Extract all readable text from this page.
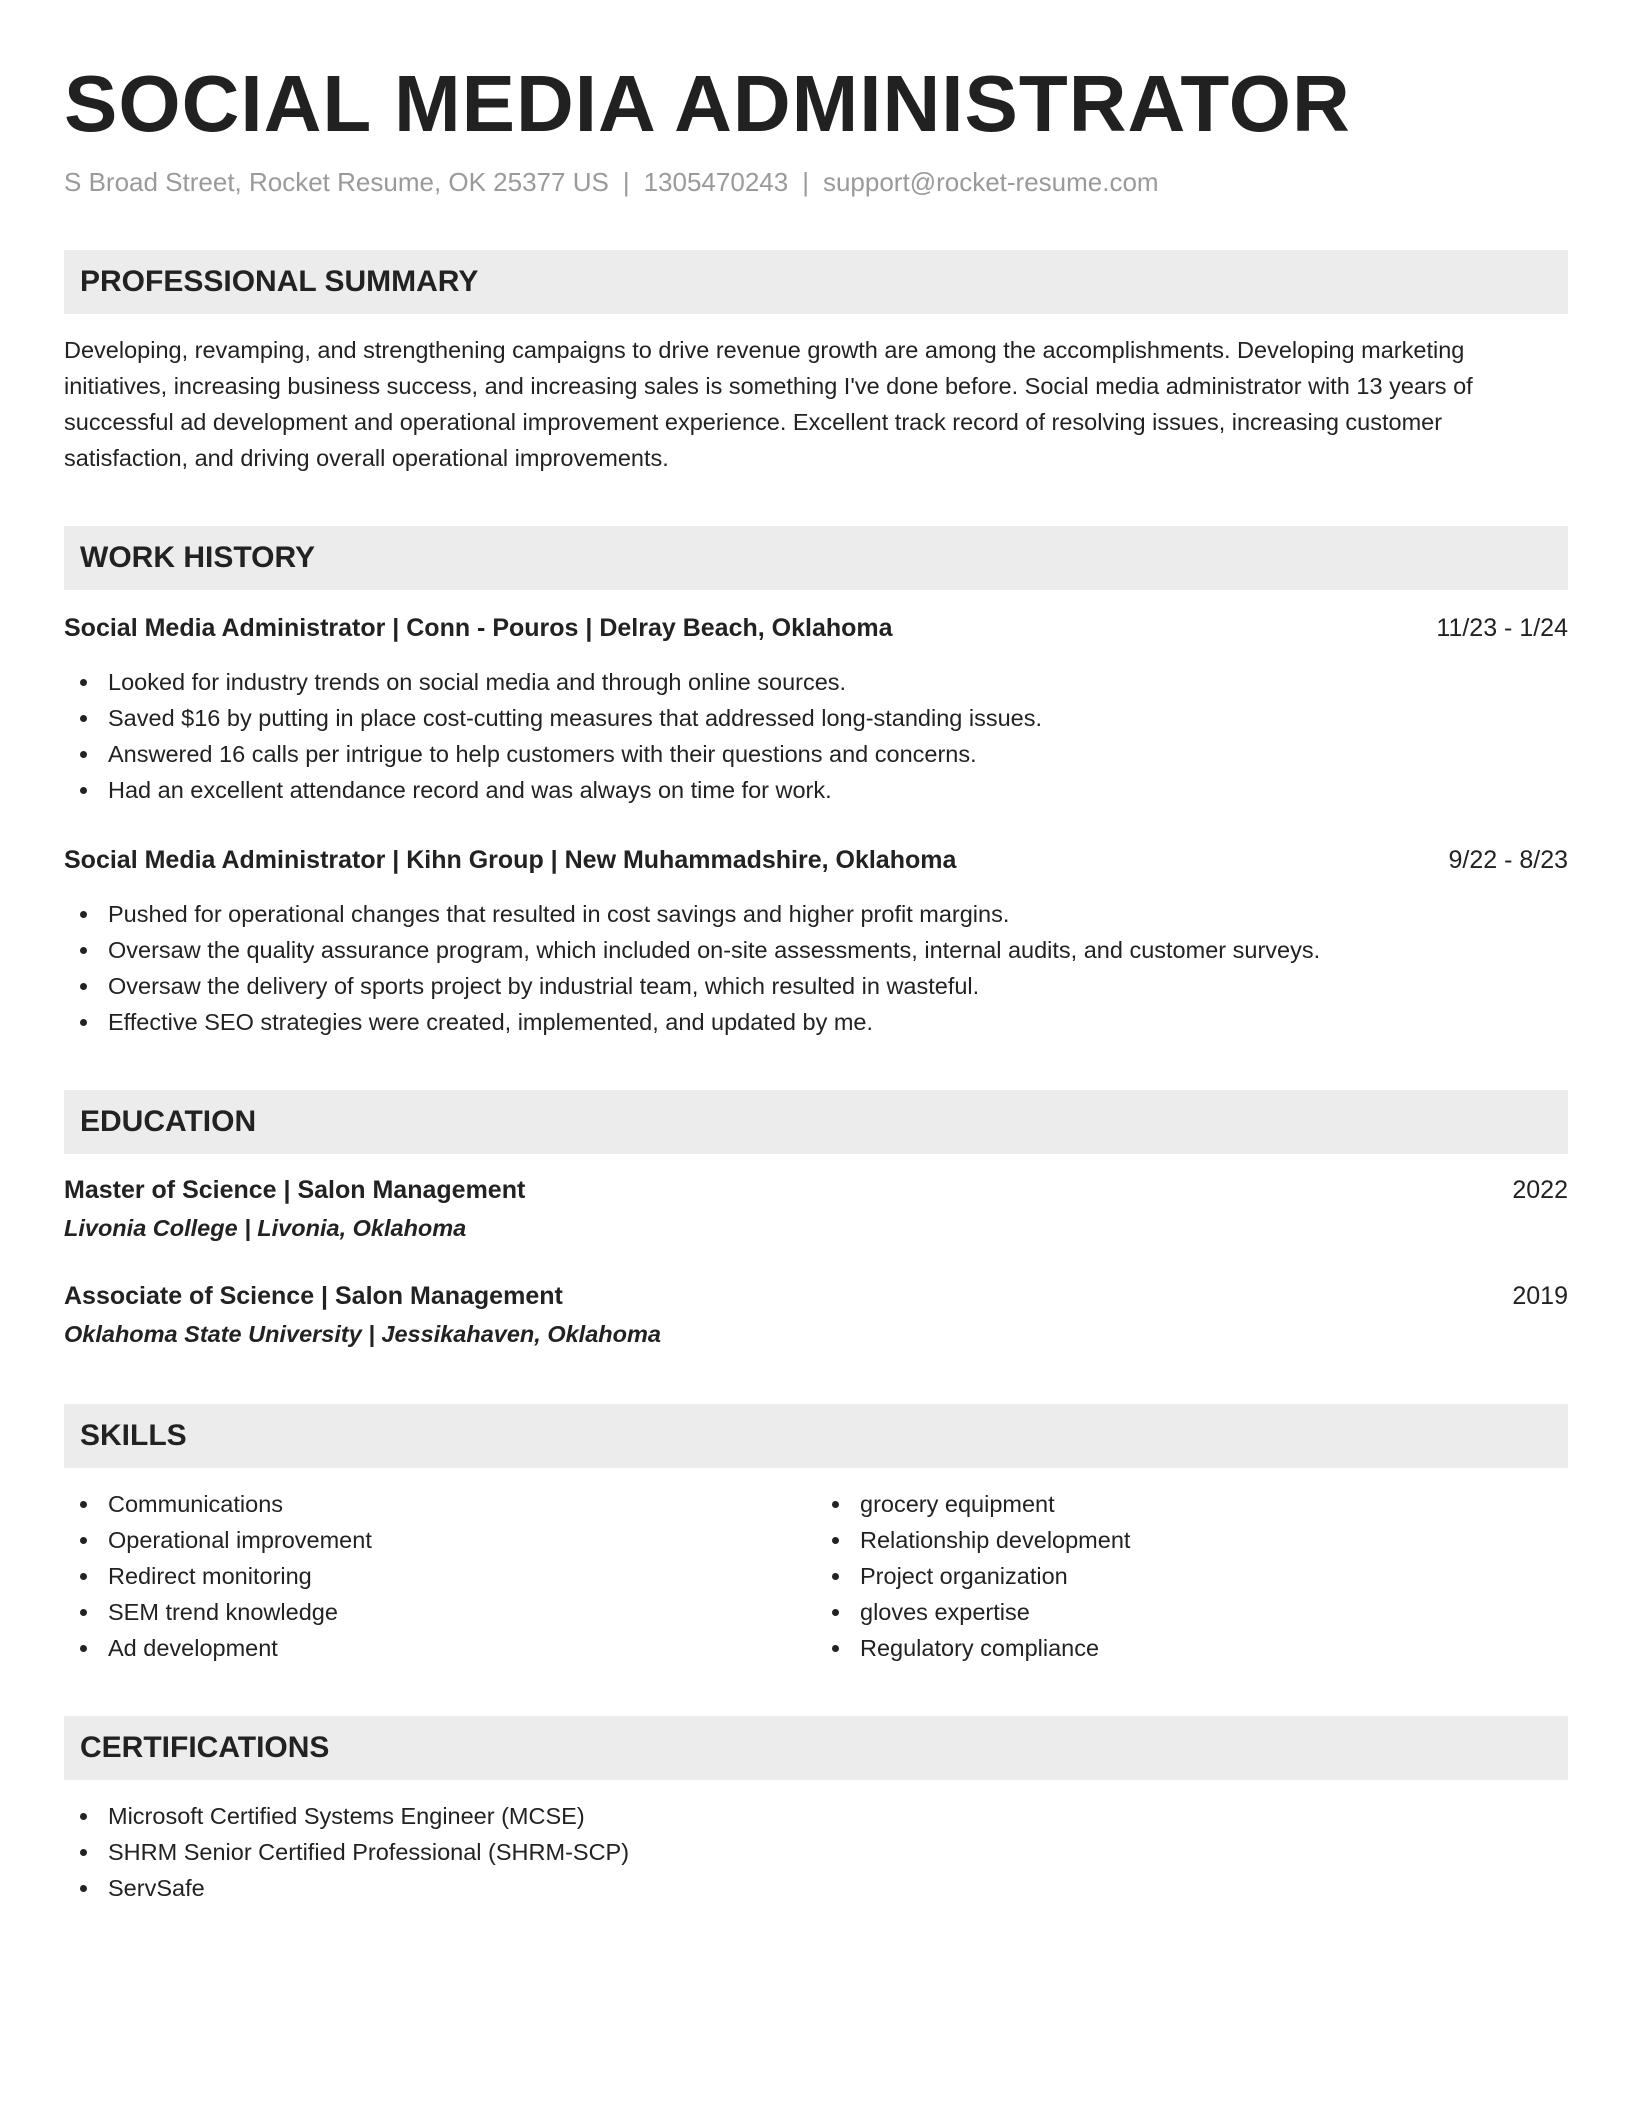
SOCIAL MEDIA ADMINISTRATOR
S Broad Street, Rocket Resume, OK 25377 US | 1305470243 | support@rocket-resume.com
PROFESSIONAL SUMMARY

Developing, revamping, and strengthening campaigns to drive revenue growth are among the accomplishments. Developing marketing initiatives, increasing business success, and increasing sales is something I've done before. Social media administrator with 13 years of successful ad development and operational improvement experience. Excellent track record of resolving issues, increasing customer satisfaction, and driving overall operational improvements.

WORK HISTORY
Social Media Administrator | Conn - Pouros | Delray Beach, Oklahoma	11/23 - 1/24
Looked for industry trends on social media and through online sources.
Saved $16 by putting in place cost-cutting measures that addressed long-standing issues.
Answered 16 calls per intrigue to help customers with their questions and concerns.
Had an excellent attendance record and was always on time for work.
Social Media Administrator | Kihn Group | New Muhammadshire, Oklahoma	9/22 - 8/23
Pushed for operational changes that resulted in cost savings and higher profit margins.
Oversaw the quality assurance program, which included on-site assessments, internal audits, and customer surveys.
Oversaw the delivery of sports project by industrial team, which resulted in wasteful.
Effective SEO strategies were created, implemented, and updated by me.
EDUCATION
Master of Science | Salon Management	2022
Livonia College | Livonia, Oklahoma
Associate of Science | Salon Management	2019
Oklahoma State University | Jessikahaven, Oklahoma
SKILLS
Communications
Operational improvement
Redirect monitoring
SEM trend knowledge
Ad development
grocery equipment
Relationship development
Project organization
gloves expertise
Regulatory compliance
CERTIFICATIONS
Microsoft Certified Systems Engineer (MCSE)
SHRM Senior Certified Professional (SHRM-SCP)
ServSafe
